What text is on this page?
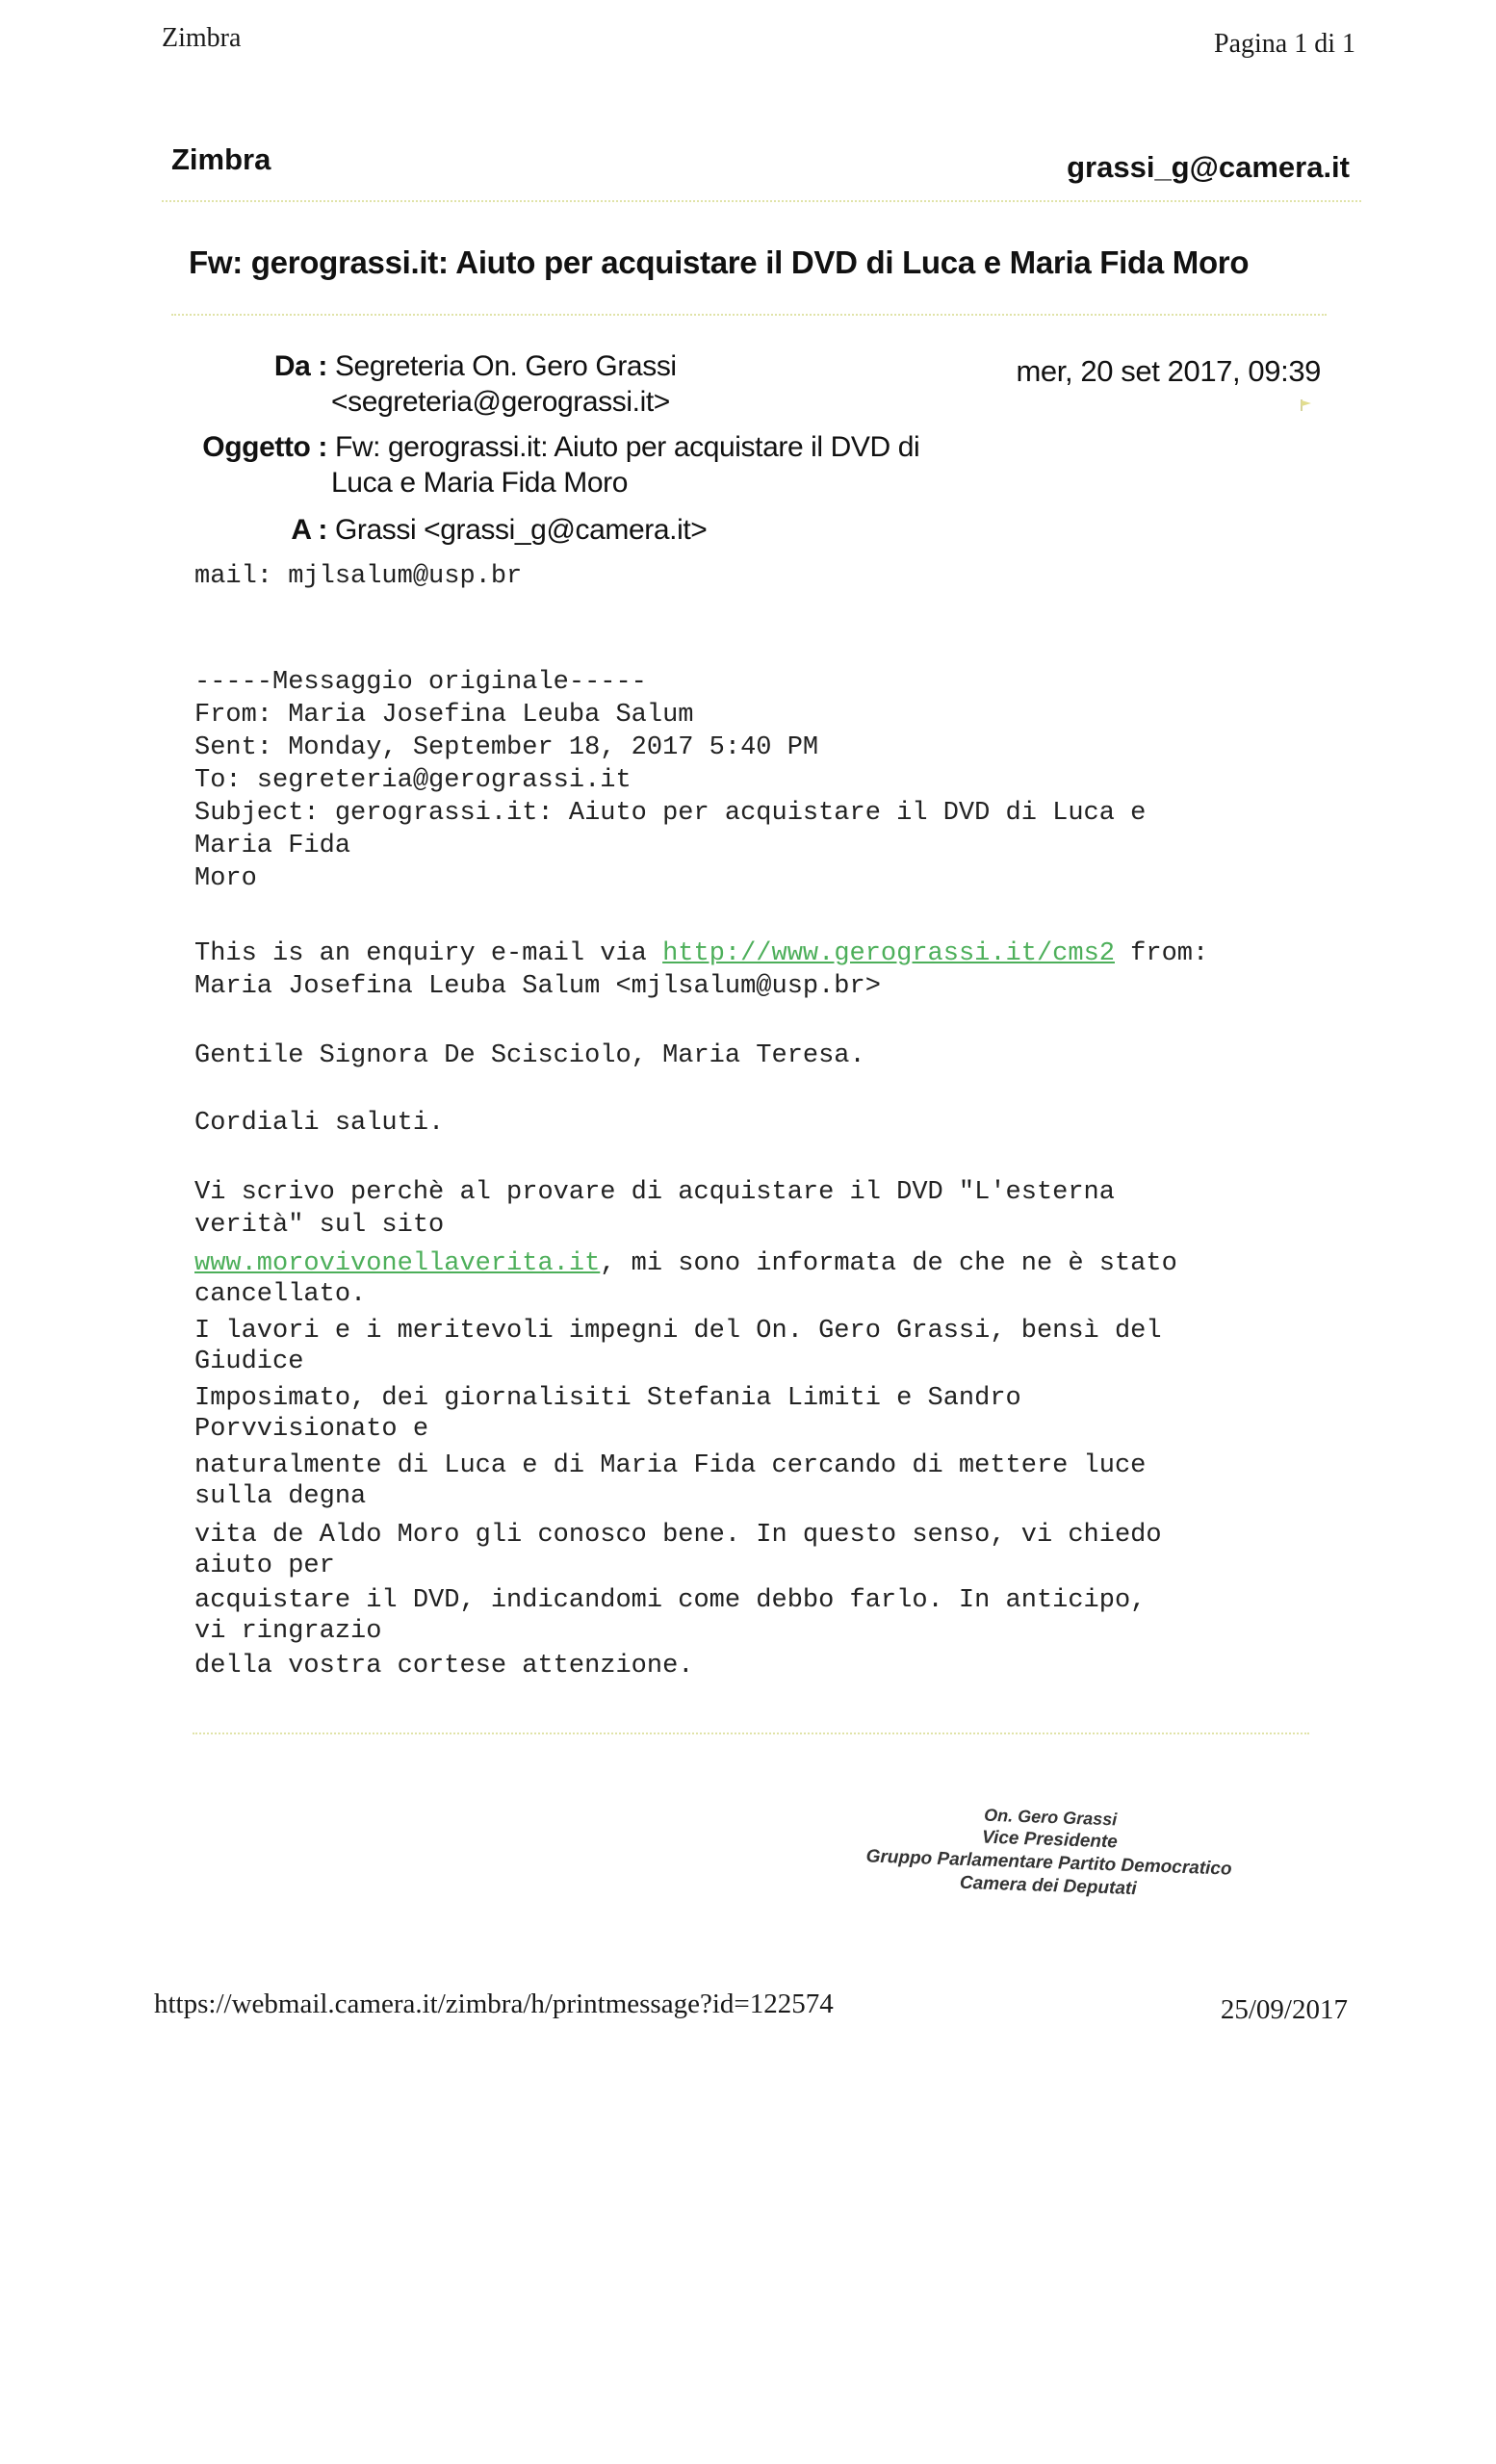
Zimbra	Pagina 1 di 1
Zimbra	grassi_g@camera.it
Fw: gerograssi.it: Aiuto per acquistare il DVD di Luca e Maria Fida Moro
Da : Segreteria On. Gero Grassi
<segreteria@gerograssi.it>
Oggetto : Fw: gerograssi.it: Aiuto per acquistare il DVD di
Luca e Maria Fida Moro
A : Grassi <grassi_g@camera.it>
mer, 20 set 2017, 09:39
mail: mjlsalum@usp.br
-----Messaggio originale-----
From: Maria Josefina Leuba Salum
Sent: Monday, September 18, 2017 5:40 PM
To: segreteria@gerograssi.it
Subject: gerograssi.it: Aiuto per acquistare il DVD di Luca e
Maria Fida
Moro
This is an enquiry e-mail via http://www.gerograssi.it/cms2 from:
Maria Josefina Leuba Salum <mjlsalum@usp.br>
Gentile Signora De Scisciolo, Maria Teresa.
Cordiali saluti.
Vi scrivo perchè al provare di acquistare il DVD "L'esterna
verità" sul sito
www.morovivonellaverita.it, mi sono informata de che ne è stato
cancellato.
I lavori e i meritevoli impegni del On. Gero Grassi, bensì del
Giudice
Imposimato, dei giornalisiti Stefania Limiti e Sandro
Porvvisionato e
naturalmente di Luca e di Maria Fida cercando di mettere luce
sulla degna
vita de Aldo Moro gli conosco bene. In questo senso, vi chiedo
aiuto per
acquistare il DVD, indicandomi come debbo farlo. In anticipo,
vi ringrazio
della vostra cortese attenzione.
On. Gero Grassi
Vice Presidente
Gruppo Parlamentare Partito Democratico
Camera dei Deputati
https://webmail.camera.it/zimbra/h/printmessage?id=122574	25/09/2017
